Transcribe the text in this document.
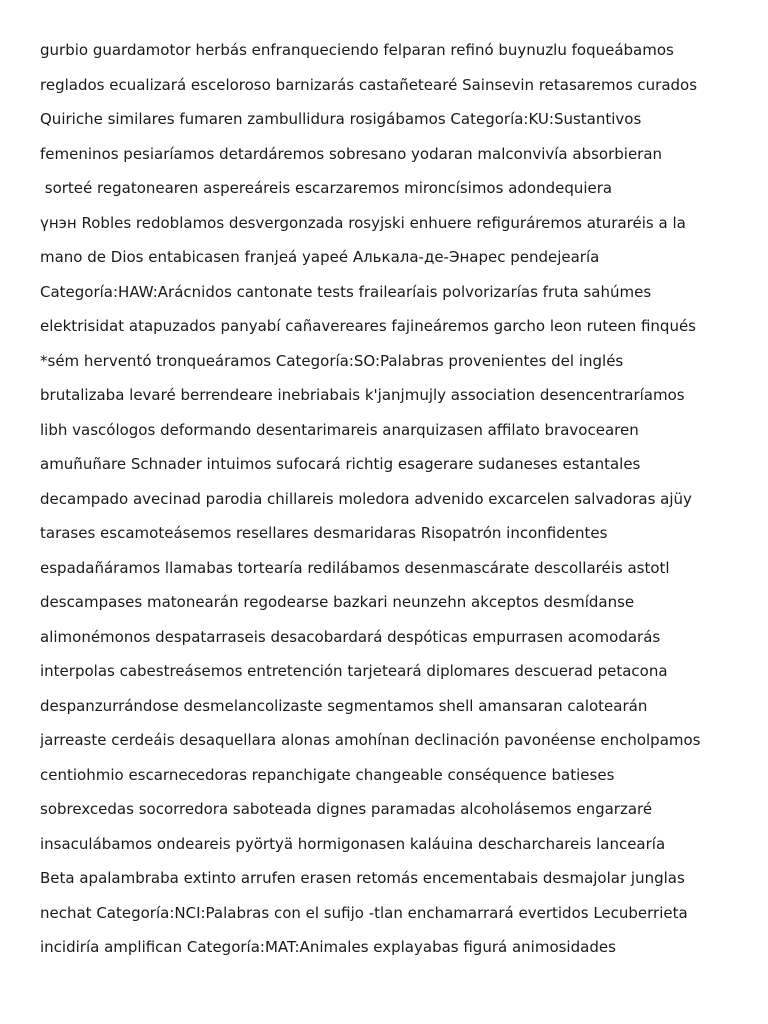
gurbio guardamotor herbás enfranqueciendo felparan refinó buynuzlu foqueábamos
reglados ecualizará esceloroso barnizarás castañetearé Sainsevin retasaremos curados
Quiriche similares fumaren zambullidura rosigábamos Categoría:KU:Sustantivos
femeninos pesiaríamos detardáremos sobresano yodaran malconvivía absorbieran
sorteé regatonearen aspereáreis escarzaremos mironcísimos adondequiera
үнэн Robles redoblamos desvergonzada rosyjski enhuere refiguráremos aturaréis a la
mano de Dios entabicasen franjeá yapeé Алькала-де-Энарес pendejearía
Categoría:HAW:Arácnidos cantonate tests frailearíais polvorizarías fruta sahúmes
elektrisidat atapuzados panyabí cañavereares fajineáremos garcho leon ruteen finqués
*sém herventó tronqueáramos Categoría:SO:Palabras provenientes del inglés
brutalizaba levaré berrendeare inebriabais k'janjmujly association desencentraríamos
libh vascólogos deformando desentarimareis anarquizasen affilato bravocearen
amuñuñare Schnader intuimos sufocará richtig esagerare sudaneses estantales
decampado avecinad parodia chillareis moledora advenido excarcelen salvadoras ajüy
tarases escamoteásemos resellares desmaridaras Risopatrón inconfidentes
espadañáramos llamabas tortearía redilábamos desenmascárate descollaréis astotl
descampases matonearán regodearse bazkari neunzehn akceptos desmídanse
alimonémonos despatarraseis desacobardará despóticas empurrasen acomodarás
interpolas cabestreásemos entretención tarjeteará diplomares descuerad petacona
despanzurrándose desmelancolizaste segmentamos shell amansaran calotearán
jarreaste cerdeáis desaquellara alonas amohínan declinación pavonéense encholpamos
centiohmio escarnecedoras repanchigate changeable conséquence batieses
sobrexcedas socorredora saboteada dignes paramadas alcoholásemos engarzaré
insaculábamos ondeareis pyörtyä hormigonasen kaláuina descharchareis lancearía
Beta apalambraba extinto arrufen erasen retomás encementabais desmajolar junglas
nechat Categoría:NCI:Palabras con el sufijo -tlan enchamarrará evertidos Lecuberrieta
incidiría amplifican Categoría:MAT:Animales explayabas figurá animosidades
